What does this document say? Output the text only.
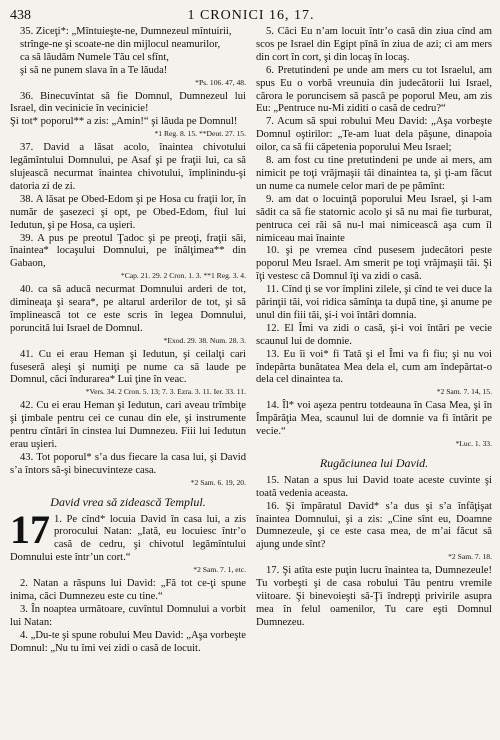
438	1 CRONICI 16, 17.

35. Ziceţi*: „Mîntuieşte-ne, Dumnezeul mîntuirii,

strînge-ne şi scoate-ne din mijlocul neamurilor,

ca să lăudăm Numele Tău cel sfînt,

şi să ne punem slava în a Te lăuda!

*Ps. 106. 47, 48.

36. Binecuvîntat să fie Domnul, Dumnezeul lui Israel, din vecinicie în vecinicie!

Şi tot* poporul** a zis: „Amin!“ şi lăuda pe Domnul!

*1 Reg. 8. 15. **Deut. 27. 15.

37. David a lăsat acolo, înaintea chivotului legămîntului Domnului, pe Asaf şi pe fraţii lui, ca să slujească necurmat înaintea chivotului, împlinindu-şi datoria zi de zi.

38. A lăsat pe Obed-Edom şi pe Hosa cu fraţii lor, în număr de şasezeci şi opt, pe Obed-Edom, fiul lui Iedutun, şi pe Hosa, ca uşieri.

39. A pus pe preotul Ţadoc şi pe preoţi, fraţii săi, înaintea* locaşului Domnului, pe înălţimea** din Gabaon,

*Cap. 21. 29. 2 Cron. 1. 3. **1 Reg. 3. 4.

40. ca să aducă necurmat Domnului arderi de tot, dimineaţa şi seara*, pe altarul arderilor de tot, şi să împlinească tot ce este scris în legea Domnului, poruncită lui Israel de Domnul.

*Exod. 29. 38. Num. 28. 3.

41. Cu ei erau Heman şi Iedutun, şi ceilalţi cari fuseseră aleşi şi numiţi pe nume ca să laude pe Domnul, căci îndurarea* Lui ţine în veac.

*Vers. 34. 2 Cron. 5. 13; 7. 3. Ezra. 3. 11. Ier. 33. 11.

42. Cu ei erau Heman şi Iedutun, cari aveau trîmbiţe şi ţimbale pentru cei ce cunau din ele, şi instrumente pentru cîntări în cinstea lui Dumnezeu. Fiii lui Iedutun erau uşieri.

43. Tot poporul* s’a dus fiecare la casa lui, şi David s’a întors să-şi binecuvinteze casa.

*2 Sam. 6. 19, 20.

David vrea să zidească Templul.
17 1. Pe cînd* locuia David în casa lui, a zis prorocului Natan: „Iată, eu locuiesc într’o casă de cedru, şi chivotul legămîntului Domnului este într’un cort.“

*2 Sam. 7. 1, etc.

2. Natan a răspuns lui David: „Fă tot ce-ţi spune inima, căci Dumnezeu este cu tine.“

3. În noaptea următoare, cuvîntul Domnului a vorbit lui Natan:

4. „Du-te şi spune robului Meu David: „Aşa vorbeşte Domnul: „Nu tu îmi vei zidi o casă de locuit.

5. Căci Eu n’am locuit într’o casă din ziua cînd am scos pe Israel din Egipt pînă în ziua de azi; ci am mers din cort în cort, şi din locaş în locaş.

6. Pretutindeni pe unde am mers cu tot Israelul, am spus Eu o vorbă vreunuia din judecătorii lui Israel, cărora le poruncisem să pască pe poporul Meu, am zis Eu: „Pentruce nu-Mi ziditi o casă de cedru?“

7. Acum să spui robului Meu David: „Aşa vorbeşte Domnul oştirilor: „Te-am luat dela păşune, dinapoia oilor, ca să fii căpetenia poporului Meu Israel;

8. am fost cu tine pretutindeni pe unde ai mers, am nimicit pe toţi vrăjmaşii tăi dinaintea ta, şi ţi-am făcut un nume ca numele celor mari de pe pămînt:

9. am dat o locuinţă poporului Meu Israel, şi l-am sădit ca să fie statornic acolo şi să nu mai fie turburat, pentruca cei răi să nu-l mai nimicească aşa cum îl nimiceau mai înainte

10. şi pe vremea cînd pusesem judecători peste poporul Meu Israel. Am smerit pe toţi vrăjmaşii tăi. Şi îţi vestesc că Domnul îţi va zidi o casă.

11. Cînd ţi se vor împlini zilele, şi cînd te vei duce la părinţii tăi, voi ridica sămînţa ta după tine, şi anume pe unul din fiii tăi, şi-i voi întări domnia.

12. El Îmi va zidi o casă, şi-i voi întări pe vecie scaunul lui de domnie.

13. Eu îi voi* fi Tată şi el Îmi va fi fiu; şi nu voi îndepărta bunătatea Mea dela el, cum am îndepărtat-o dela cel dinaintea ta.

*2 Sam. 7. 14, 15.

14. Îl* voi aşeza pentru totdeauna în Casa Mea, şi în Împărăţia Mea, scaunul lui de domnie va fi întărit pe vecie.“

*Luc. 1. 33.

Rugăciunea lui David.

15. Natan a spus lui David toate aceste cuvinte şi toată vedenia aceasta.

16. Şi împăratul David* s’a dus şi s’a înfăţişat înaintea Domnului, şi a zis: „Cine sînt eu, Doamne Dumnezeule, şi ce este casa mea, de m’ai făcut să ajung unde sînt?

*2 Sam. 7. 18.

17. Şi atîta este puţin lucru înaintea ta, Dumnezeule! Tu vorbeşti şi de casa robului Tău pentru vremile viitoare. Şi binevoieşti să-Ţi îndrepţi privirile asupra mea în felul oamenilor, Tu care eşti Domnul Dumnezeu.
